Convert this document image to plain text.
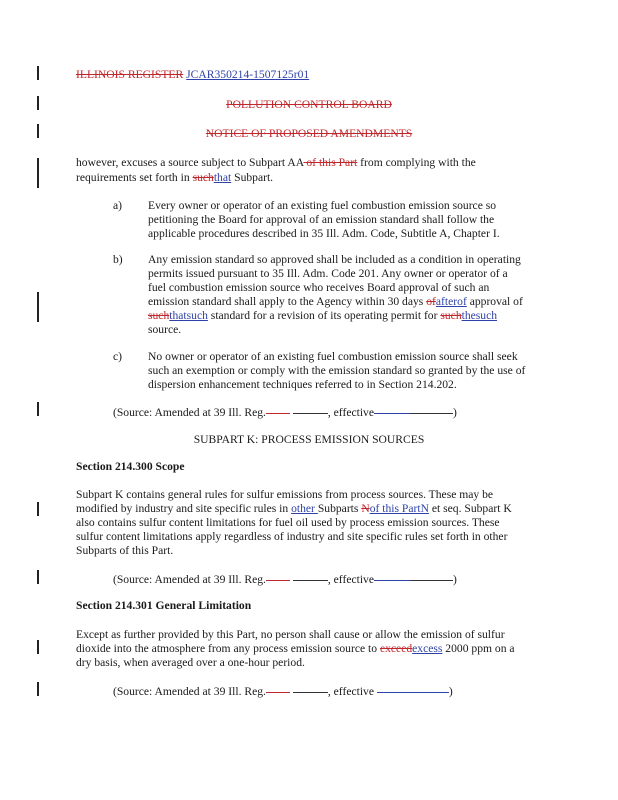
ILLINOIS REGISTER JCAR350214-1507125r01
POLLUTION CONTROL BOARD
NOTICE OF PROPOSED AMENDMENTS
however, excuses a source subject to Subpart AA of this Part from complying with the
requirements set forth in suchthat Subpart.
a) Every owner or operator of an existing fuel combustion emission source so
petitioning the Board for approval of an emission standard shall follow the
applicable procedures described in 35 Ill. Adm. Code, Subtitle A, Chapter I.
b) Any emission standard so approved shall be included as a condition in operating
permits issued pursuant to 35 Ill. Adm. Code 201. Any owner or operator of a
fuel combustion emission source who receives Board approval of such an
emission standard shall apply to the Agency within 30 days ofafterof approval of
suchthatsuch standard for a revision of its operating permit for suchthesuch
source.
c) No owner or operator of an existing fuel combustion emission source shall seek
such an exemption or comply with the emission standard so granted by the use of
dispersion enhancement techniques referred to in Section 214.202.
(Source: Amended at 39 Ill. Reg.	, effective	)
SUBPART K: PROCESS EMISSION SOURCES
Section 214.300 Scope
Subpart K contains general rules for sulfur emissions from process sources. These may be
modified by industry and site specific rules in other Subparts Nof this PartN et seq. Subpart K
also contains sulfur content limitations for fuel oil used by process emission sources. These
sulfur content limitations apply regardless of industry and site specific rules set forth in other
Subparts of this Part.
(Source: Amended at 39 Ill. Reg.	, effective	)
Section 214.301 General Limitation
Except as further provided by this Part, no person shall cause or allow the emission of sulfur
dioxide into the atmosphere from any process emission source to exceedexcess 2000 ppm on a
dry basis, when averaged over a one-hour period.
(Source: Amended at 39 Ill. Reg.	, effective	)
